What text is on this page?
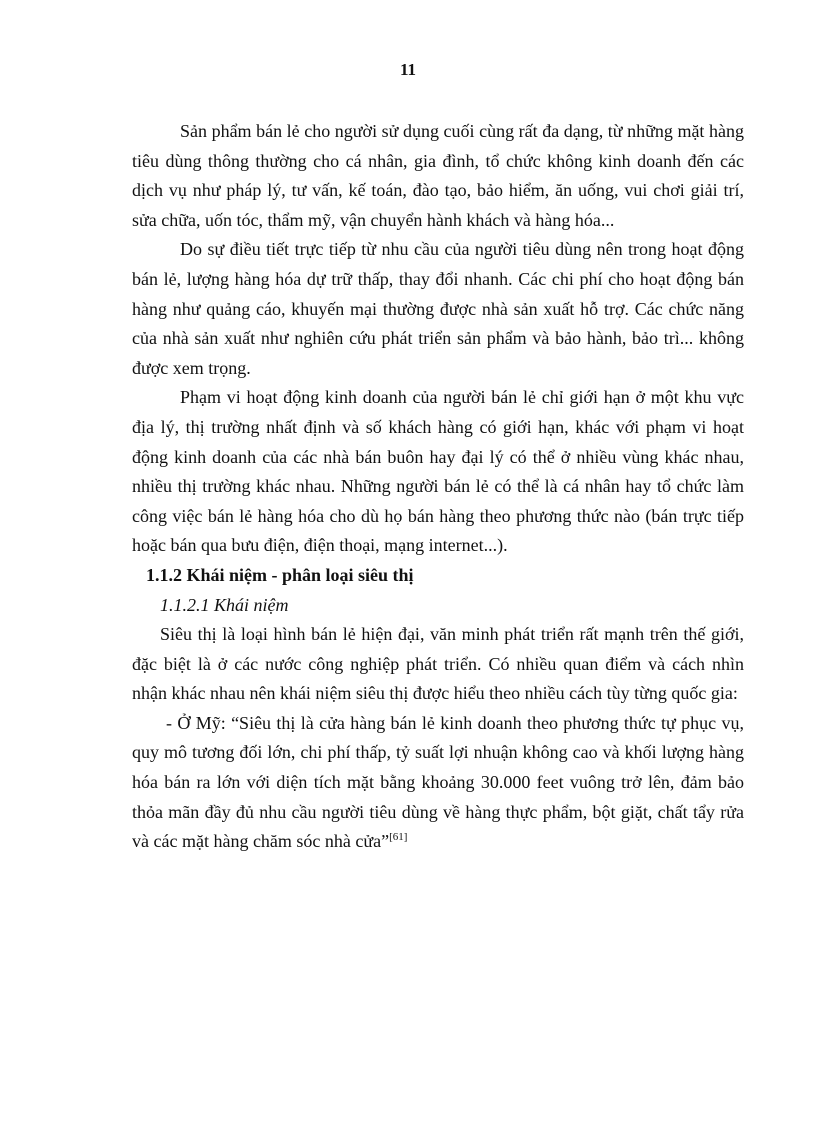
11

Sản phẩm bán lẻ cho người sử dụng cuối cùng rất đa dạng, từ những mặt hàng tiêu dùng thông thường cho cá nhân, gia đình, tổ chức không kinh doanh đến các dịch vụ như pháp lý, tư vấn, kế toán, đào tạo, bảo hiểm, ăn uống, vui chơi giải trí, sửa chữa, uốn tóc, thẩm mỹ, vận chuyển hành khách và hàng hóa...

Do sự điều tiết trực tiếp từ nhu cầu của người tiêu dùng nên trong hoạt động bán lẻ, lượng hàng hóa dự trữ thấp, thay đổi nhanh. Các chi phí cho hoạt động bán hàng như quảng cáo, khuyến mại thường được nhà sản xuất hỗ trợ. Các chức năng của nhà sản xuất như nghiên cứu phát triển sản phẩm và bảo hành, bảo trì... không được xem trọng.

Phạm vi hoạt động kinh doanh của người bán lẻ chỉ giới hạn ở một khu vực địa lý, thị trường nhất định và số khách hàng có giới hạn, khác với phạm vi hoạt động kinh doanh của các nhà bán buôn hay đại lý có thể ở nhiều vùng khác nhau, nhiều thị trường khác nhau. Những người bán lẻ có thể là cá nhân hay tổ chức làm công việc bán lẻ hàng hóa cho dù họ bán hàng theo phương thức nào (bán trực tiếp hoặc bán qua bưu điện, điện thoại, mạng internet...).

1.1.2 Khái niệm - phân loại siêu thị

1.1.2.1 Khái niệm

Siêu thị là loại hình bán lẻ hiện đại, văn minh phát triển rất mạnh trên thế giới, đặc biệt là ở các nước công nghiệp phát triển. Có nhiều quan điểm và cách nhìn nhận khác nhau nên khái niệm siêu thị được hiểu theo nhiều cách tùy từng quốc gia:

- Ở Mỹ: “Siêu thị là cửa hàng bán lẻ kinh doanh theo phương thức tự phục vụ, quy mô tương đối lớn, chi phí thấp, tỷ suất lợi nhuận không cao và khối lượng hàng hóa bán ra lớn với diện tích mặt bằng khoảng 30.000 feet vuông trở lên, đảm bảo thỏa mãn đầy đủ nhu cầu người tiêu dùng về hàng thực phẩm, bột giặt, chất tẩy rửa và các mặt hàng chăm sóc nhà cửa”[61]
